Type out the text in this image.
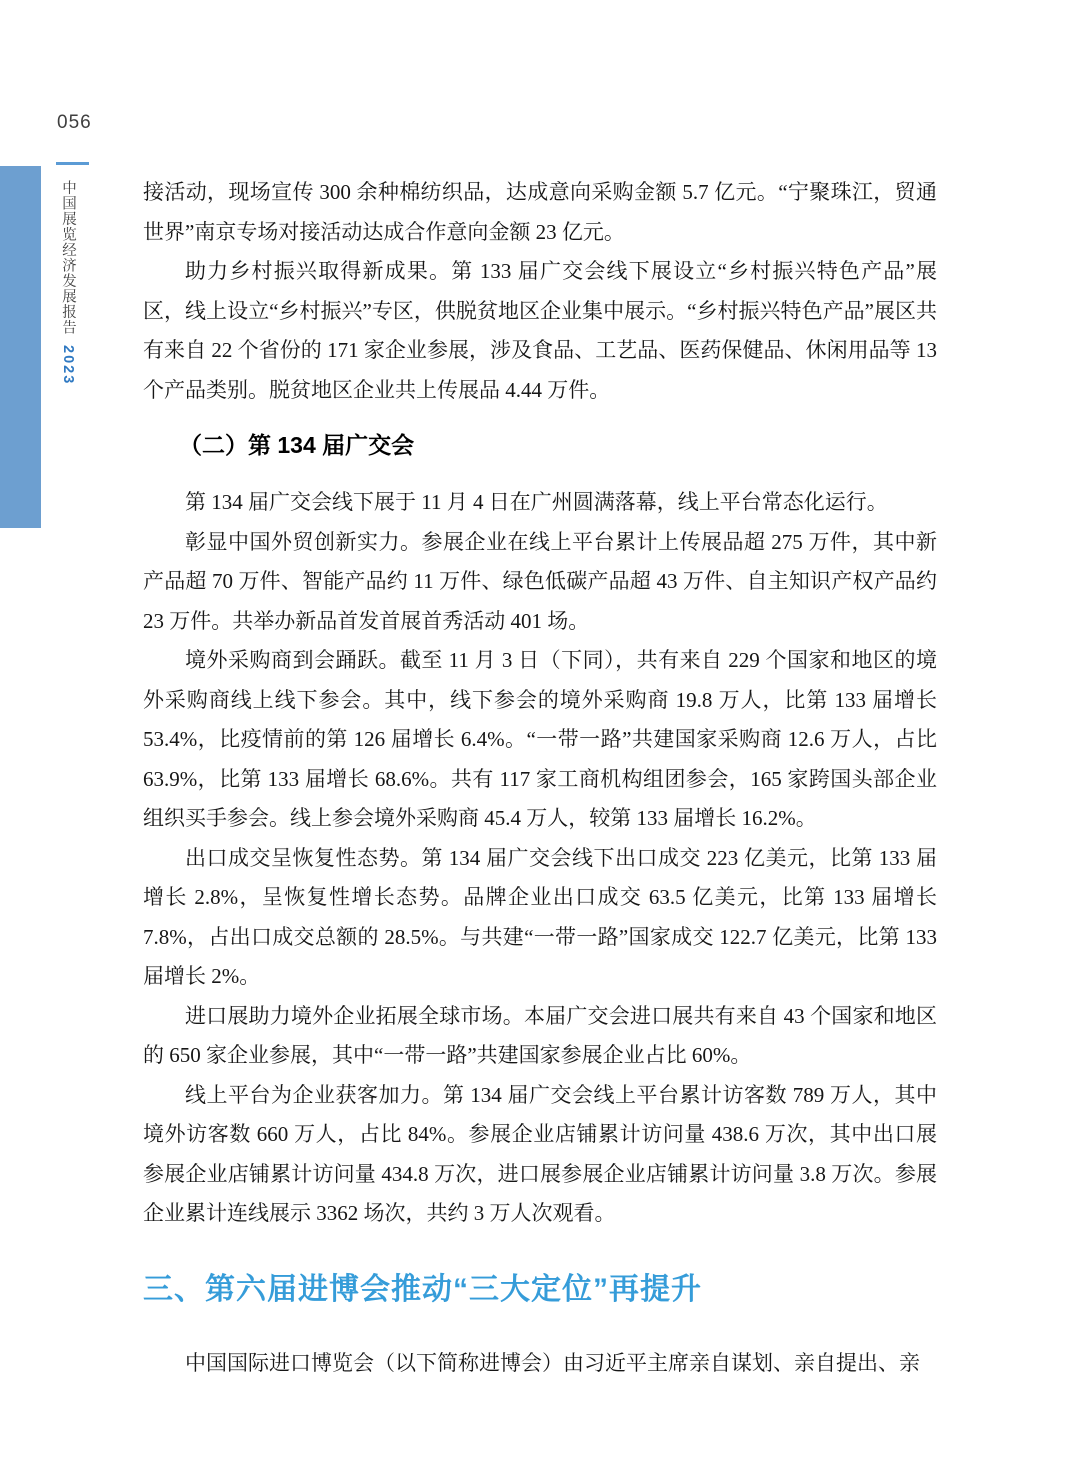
056
中国展览经济发展报告 2023

接活动，现场宣传 300 余种棉纺织品，达成意向采购金额 5.7 亿元。“宁聚珠江，贸通世界”南京专场对接活动达成合作意向金额 23 亿元。

助力乡村振兴取得新成果。第 133 届广交会线下展设立“乡村振兴特色产品”展区，线上设立“乡村振兴”专区，供脱贫地区企业集中展示。“乡村振兴特色产品”展区共有来自 22 个省份的 171 家企业参展，涉及食品、工艺品、医药保健品、休闲用品等 13 个产品类别。脱贫地区企业共上传展品 4.44 万件。

（二）第 134 届广交会

第 134 届广交会线下展于 11 月 4 日在广州圆满落幕，线上平台常态化运行。

彰显中国外贸创新实力。参展企业在线上平台累计上传展品超 275 万件，其中新产品超 70 万件、智能产品约 11 万件、绿色低碳产品超 43 万件、自主知识产权产品约 23 万件。共举办新品首发首展首秀活动 401 场。

境外采购商到会踊跃。截至 11 月 3 日（下同），共有来自 229 个国家和地区的境外采购商线上线下参会。其中，线下参会的境外采购商 19.8 万人，比第 133 届增长 53.4%，比疫情前的第 126 届增长 6.4%。“一带一路”共建国家采购商 12.6 万人，占比 63.9%，比第 133 届增长 68.6%。共有 117 家工商机构组团参会，165 家跨国头部企业组织买手参会。线上参会境外采购商 45.4 万人，较第 133 届增长 16.2%。

出口成交呈恢复性态势。第 134 届广交会线下出口成交 223 亿美元，比第 133 届增长 2.8%，呈恢复性增长态势。品牌企业出口成交 63.5 亿美元，比第 133 届增长 7.8%，占出口成交总额的 28.5%。与共建“一带一路”国家成交 122.7 亿美元，比第 133 届增长 2%。

进口展助力境外企业拓展全球市场。本届广交会进口展共有来自 43 个国家和地区的 650 家企业参展，其中“一带一路”共建国家参展企业占比 60%。

线上平台为企业获客加力。第 134 届广交会线上平台累计访客数 789 万人，其中境外访客数 660 万人，占比 84%。参展企业店铺累计访问量 438.6 万次，其中出口展参展企业店铺累计访问量 434.8 万次，进口展参展企业店铺累计访问量 3.8 万次。参展企业累计连线展示 3362 场次，共约 3 万人次观看。

三、第六届进博会推动“三大定位”再提升

中国国际进口博览会（以下简称进博会）由习近平主席亲自谋划、亲自提出、亲
